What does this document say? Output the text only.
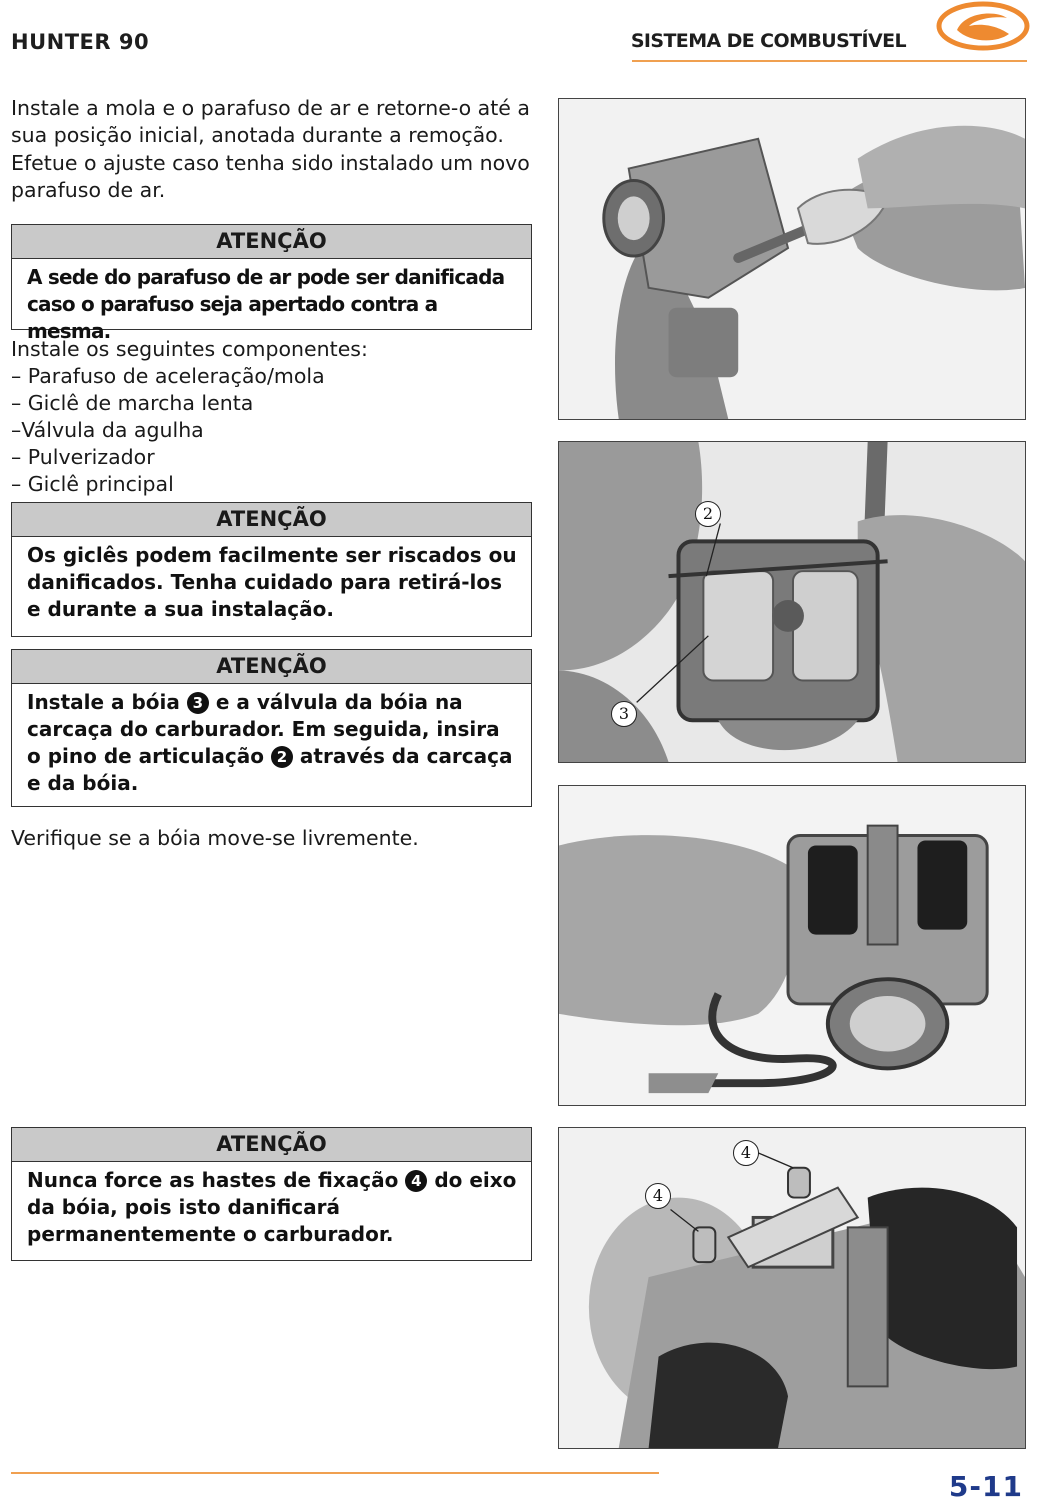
HUNTER 90	SISTEMA DE COMBUSTÍVEL
Instale a mola e o parafuso de ar e retorne-o até a sua posição inicial, anotada durante a remoção.
Efetue o ajuste caso tenha sido instalado um novo parafuso de ar.
ATENÇÃO
A sede do parafuso de ar pode ser danificada caso o parafuso seja apertado contra a mesma.
Instale os seguintes componentes:
– Parafuso de aceleração/mola
– Giclê de marcha lenta
–Válvula da agulha
– Pulverizador
– Giclê principal
ATENÇÃO
Os giclês podem facilmente ser riscados ou danificados. Tenha cuidado para retirá-los e durante a sua instalação.
ATENÇÃO
Instale a bóia 3 e a válvula da bóia na carcaça do carburador. Em seguida, insira o pino de articulação 2 através da carcaça e da bóia.
Verifique se a bóia move-se livremente.
ATENÇÃO
Nunca force as hastes de fixação 4 do eixo da bóia, pois isto danificará permanentemente o carburador.
2
3
4
4
5-11
